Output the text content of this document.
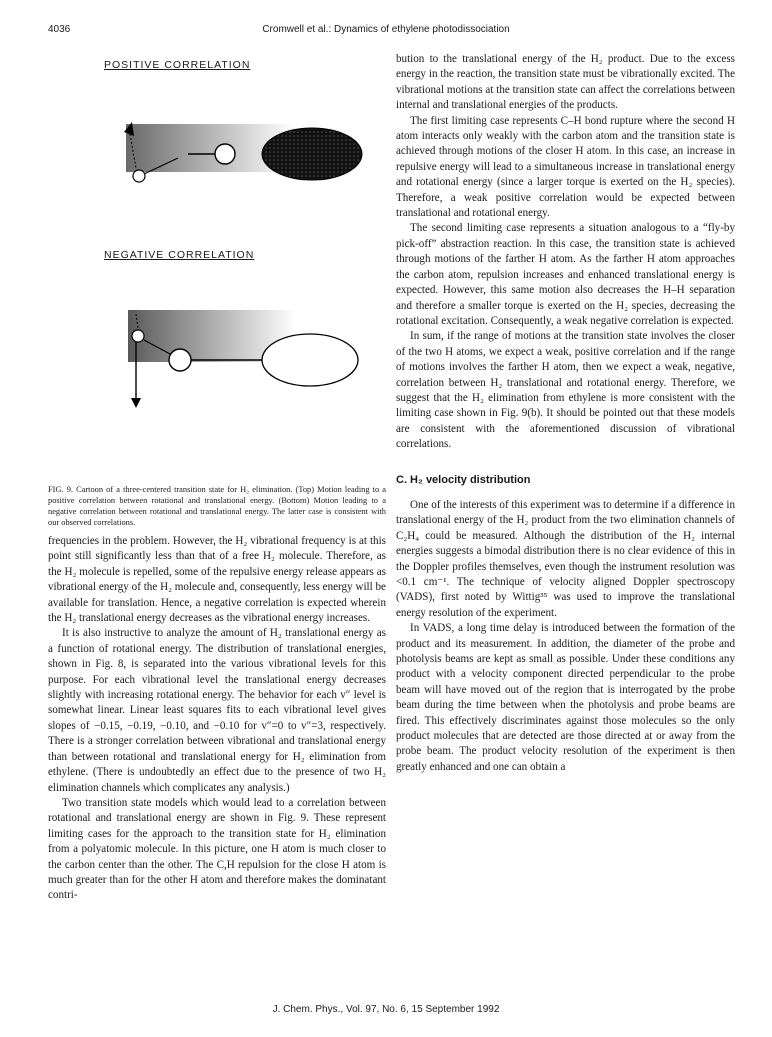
4036	Cromwell et al.: Dynamics of ethylene photodissociation
POSITIVE CORRELATION
NEGATIVE CORRELATION
FIG. 9. Cartoon of a three-centered transition state for H₂ elimination. (Top) Motion leading to a positive correlation between rotational and translational energy. (Bottom) Motion leading to a negative correlation between rotational and translational energy. The latter case is consistent with our observed correlations.

frequencies in the problem. However, the H₂ vibrational frequency is at this point still significantly less than that of a free H₂ molecule. Therefore, as the H₂ molecule is repelled, some of the repulsive energy release appears as vibrational energy of the H₂ molecule and, consequently, less energy will be available for translation. Hence, a negative correlation is expected wherein the H₂ translational energy decreases as the vibrational energy increases.

It is also instructive to analyze the amount of H₂ translational energy as a function of rotational energy. The distribution of translational energies, shown in Fig. 8, is separated into the various vibrational levels for this purpose. For each vibrational level the translational energy decreases slightly with increasing rotational energy. The behavior for each v″ level is somewhat linear. Linear least squares fits to each vibrational level gives slopes of −0.15, −0.19, −0.10, and −0.10 for v″=0 to v″=3, respectively. There is a stronger correlation between vibrational and translational energy than between rotational and translational energy for H₂ elimination from ethylene. (There is undoubtedly an effect due to the presence of two H₂ elimination channels which complicates any analysis.)

Two transition state models which would lead to a correlation between rotational and translational energy are shown in Fig. 9. These represent limiting cases for the approach to the transition state for H₂ elimination from a polyatomic molecule. In this picture, one H atom is much closer to the carbon center than the other. The C,H repulsion for the close H atom is much greater than for the other H atom and therefore makes the dominatant contri-

bution to the translational energy of the H₂ product. Due to the excess energy in the reaction, the transition state must be vibrationally excited. The vibrational motions at the transition state can affect the correlations between internal and translational energies of the products.

The first limiting case represents C–H bond rupture where the second H atom interacts only weakly with the carbon atom and the transition state is achieved through motions of the closer H atom. In this case, an increase in repulsive energy will lead to a simultaneous increase in translational energy and rotational energy (since a larger torque is exerted on the H₂ species). Therefore, a weak positive correlation would be expected between translational and rotational energy.

The second limiting case represents a situation analogous to a “fly-by pick-off” abstraction reaction. In this case, the transition state is achieved through motions of the farther H atom. As the farther H atom approaches the carbon atom, repulsion increases and enhanced translational energy is expected. However, this same motion also decreases the H–H separation and therefore a smaller torque is exerted on the H₂ species, decreasing the rotational excitation. Consequently, a weak negative correlation is expected.

In sum, if the range of motions at the transition state involves the closer of the two H atoms, we expect a weak, positive correlation and if the range of motions involves the farther H atom, then we expect a weak, negative, correlation between H₂ translational and rotational energy. Therefore, we suggest that the H₂ elimination from ethylene is more consistent with the limiting case shown in Fig. 9(b). It should be pointed out that these models are consistent with the aforementioned discussion of vibrational correlations.

C. H₂ velocity distribution

One of the interests of this experiment was to determine if a difference in translational energy of the H₂ product from the two elimination channels of C₂H₄ could be measured. Although the distribution of the H₂ internal energies suggests a bimodal distribution there is no clear evidence of this in the Doppler profiles themselves, even though the instrument resolution was <0.1 cm⁻¹. The technique of velocity aligned Doppler spectroscopy (VADS), first noted by Wittig³⁵ was used to improve the translational energy resolution of the experiment.

In VADS, a long time delay is introduced between the formation of the product and its measurement. In addition, the diameter of the probe and photolysis beams are kept as small as possible. Under these conditions any product with a velocity component directed perpendicular to the probe beam will have moved out of the region that is interrogated by the probe beam during the time between when the photolysis and probe beams are fired. This effectively discriminates against those molecules so the only product molecules that are detected are those directed at or away from the probe beam. The product velocity resolution of the experiment is then greatly enhanced and one can obtain a

J. Chem. Phys., Vol. 97, No. 6, 15 September 1992
